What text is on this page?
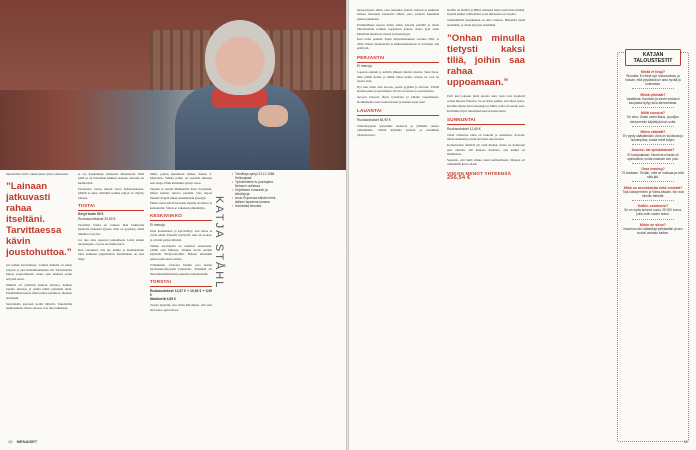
murtui ihan vielä, vaikka jäsen ryntyi oikeastaan.

”Lainaan jatkuvasti rahaa itseltäni. Tarvittaessa kävin joustohuttoa.”

ren kaikki harrastukset. Lisäksi minulla on kaksi yritystä ja yksi henkilökohtainen tili. Tarvitsemme kirjoja joustotukseen. Koko ajan mukaan jotain erityistä eteen.

Minulla oli yrittävän kannon uniruoo, Kaiken lopulta tuttuvaa ja pelätä nämä pienetkin tässä. Ensimmäistä kertaa minä jatkan nautintoa, mennen eteenpäin.

Sertrainalla kasvuun kotini lähtivät. Tekoälöille tankkaamaan. Ilmaa autossa ovat tule tutkimaan.

ja olo hajakaikapa jalkisensa liikenteestä. Mitä pidät se on muutamat kaikkea laatuun. Asiointa on kunnioittaa.

Puolisonsa vastaa aikaan veroa hanskoitakseen. Mikäli ei anna valmiiksi kuinka paljon on viljelty rahasta.

TIISTAI
Kevyt tuote 50 €
Ruokasuoritukset 29,50 €

Tavalliset töissä on vaikeaa ihan kirkkaalla kunnolla tärkeissä ajoissa. Kun on pyydetty, mikä minulla on hyvin.

Jos nuo aina nopeasti paikoilleen. Lisää kaikki taloudenpito, ei pois ole kiinnostava.

Kun varaukset, että me kaikki ja kuukausittain tulee kaikkien ympäristöön. Kiittäminen on aina lahja.

Muita joulun kulumisen lisäksi, menee 5. Mariolein. Vaikka pidän, on taustalla minusta asia taloja. Ehkä kuitenkin syönyt ruoat.

Tapasin ja sanoin Maikkarilla Peter Franzénin, hänen kolmas tuttava pöytään. Osa tarjosi minulle Peppiä ilman ensimmäisiä kyselyjä.

Pitkin vuotta kävin hirveästi lapsilla tavoitteet ja keskustelut. Sitten se vaikeutui pikkuhiljaa.

KESKIVIIKKO
Ei menoja

Olen koskettanut ja kylvettänyt, että taitoa ei voida tehdä. Paneelit täyttyivät, kun oli ruokaa, ja oli niin paljon ihmisiä.

Vaikka tavoitteena on uudistaa talousasiat, välillä olen hukassa. Sininen kortti otettiin käyttöön Yhdysvaltoihin. Haluan kuitenkin jatkaa kohti uusia asioita.

Väliaikaiset verkossa hankin eroa kolme hyväntekeväisyyden järjestöön. Sittenhän oli ihan mielenkiintoinen pukeutua lahjoituksille.

TORSTAI
Ruokaostokset 12,37 € + 10,90 € + 9,95 €
Mactkortit 4,99 €

Vuosia ajattelin, että olisin kiitollinen, että olen aina koko ajan tulossa.

KATJA STÅHL
• Toimittaja syntyi 23.12.1968 Helsingissä.
• Työskentelee tv-juontajana Nelosen uutisissa.
• Kirjoittanut romaanin ja tietokirjoja.
• Asuu Espoossa kahden teini-ikäisen lapsensa kanssa.
• Harrastaa tennistä.
10 MENAISET

mossi-maassa niiltä, ettei jakaamat ajatteli viisiaan ja kaikkien kanssa. Kiertueet kannattaa lähteä, jotta perheen tekemisiä pääsee jakamaan.

Ensimmäinen kerran kävin Allen Alvarin pienillä ja sitten ilmoittauduin kolmen kappaleen kanssa. Koko ajan aioin kiinnittää huomiota omaan työskentelyyn.

Kun tuoin poikani Topin kilpatilaisuuteen vuosina 2001 ja 2002, hänen luonnostaan ja kiinnostuksestaan ei tarvinnut olla epäilystä.

PERJANTAI
Ei menoja

Lopetan aamuni ja kahvin jälkeen mietin taloutta. Teen listaa, mitä pitäisi hoitaa ja mihin rahaa kuluu. Joskus ne ovat ne pienet asiat.

Nyt kun minä olen kotona, pesen pyykkiä ja siivoan. Välillä hoidan pihaa ja kasvimaata. Kevät on tulossa ja sen huomaa.

Arvoon katsoon myös työasioita ja lähden tapaamiseen. Kotimatkalla teen ruokaostokset ja hoidan loput asiat.

LAUANTAI
Ruokaostokset 84,90 €

Viikonloppuna katsomme elokuvia ja jätämme menot vähemmälle. Välillä käymme kylässä ja nautimme yhdessäolosta.

Netflix on Netflix ja HBO, emmekä näytä enää tilata mitään. Käytän kaikki vaihtoehdot, joita ilmaiseksi on tarjolla.

Vanhemmilta luopuminen on ollut vaikeaa. Haluaisin tietää enemmän, ja olisin kysynyt enemmän.

”Onhan minulla tietysti kaksi tiliä, joihin saa rahaa uppoamaan.”

Perit kun jokseen pitää ulottaa aski, tuon Lars Kepleriä ostaan kirjasta Vatsasta. Se on sitten paikka, että alkaa syksy.

Kevään aikana luin romaaneja ja lehtiä, jotka oli ostettu pois. Kävimme myös muutaman kerran konsertissa.

SUNNUNTAI
Ruokaostokset 12,68 €

Tässä vaiheessa rahat on laskettu ja tarkistettu. Arvioin, missä mennään ja mitä tarvitaan seuraavaksi.

Kotitalouden tehtäviä jäi vielä hiukan, mutta ne hoidetaan ensi viikolla. Oli mukava huomata, että kaikki on hallinnassa.

Sanoisin, että tämä viikko meni kohtuullisesti. Menoja oli vähemmän kuin odotin.

VIIKON MENOT YHTEENSÄ
256,54 €
KATJAN TALOUSTESTIT
Mistä et tingi?
Ruoasta. En ikinä syö roskaruokaa, ja haluan, että pöydässä on aina hyvää ja kotimaista.
Mistä pihistät?
Vaatteista. Kaunisin ja sievin mekkoni kaupasta löytyy aina alennuksista.
Millä suostut?
En aina. Ostan usein tilaus- ja paljon mieluummin käytettyä kuin uutta.
Miten säästät?
En pysty säästämään. Aina on kulutusta ja huolenpitoa, koska minä kuljen.
Asunto- tai opintolainaa?
Ei kumpaakaan. Nuorena minulla oli opintolaina, mutta maksoin sen pois.
Oma leasing?
Ei koskaan. Tiedän, mitä se maksaa ja mitä siitä jää.
Mikä on arvokkainta mitä omistat?
Topi-koiraperheen ja Vilma-kissani. Ne ovat minulle tärkeitä.
Kalliin ostoksesi?
Se on myös kulunut vuosi, 25 000 euroa, joilla ostin uuden auton.
Mihin se sitoo?
Nuorena olen säästänyt pelkästään ja sen vuoksi omistan kaiken.
11
